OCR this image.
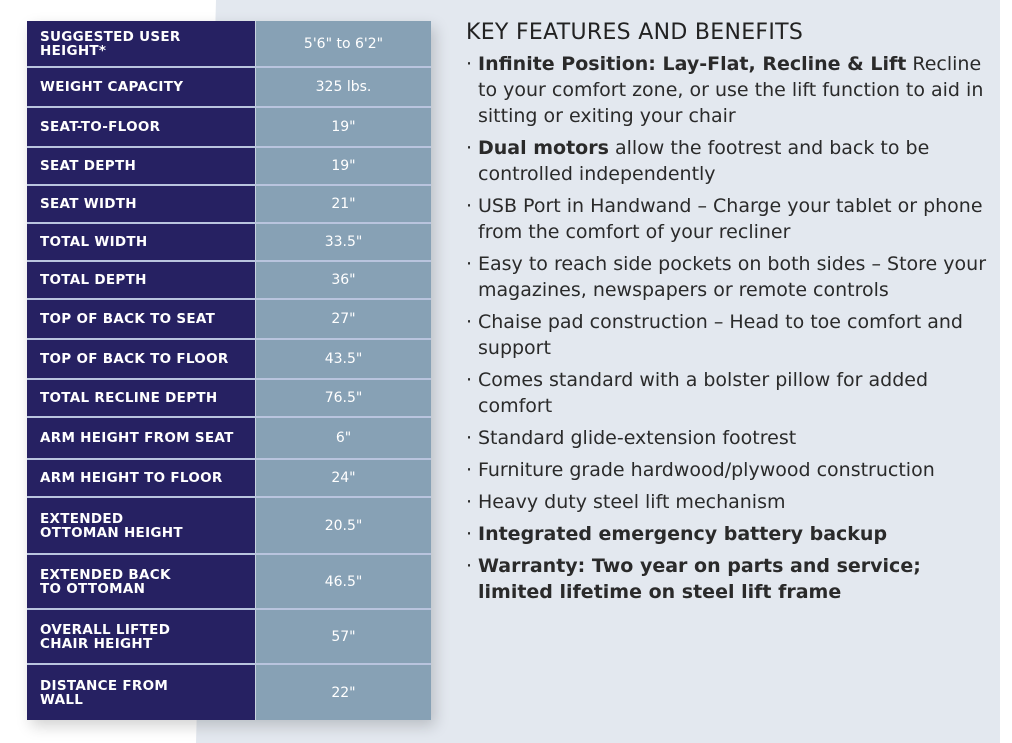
SUGGESTED USER HEIGHT*	5'6" to 6'2"
WEIGHT CAPACITY	325 lbs.
SEAT-TO-FLOOR	19"
SEAT DEPTH	19"
SEAT WIDTH	21"
TOTAL WIDTH	33.5"
TOTAL DEPTH	36"
TOP OF BACK TO SEAT	27"
TOP OF BACK TO FLOOR	43.5"
TOTAL RECLINE DEPTH	76.5"
ARM HEIGHT FROM SEAT	6"
ARM HEIGHT TO FLOOR	24"
EXTENDED OTTOMAN HEIGHT	20.5"
EXTENDED BACK TO OTTOMAN	46.5"
OVERALL LIFTED CHAIR HEIGHT	57"
DISTANCE FROM WALL	22"
KEY FEATURES AND BENEFITS
· Infinite Position: Lay-Flat, Recline & Lift Recline to your comfort zone, or use the lift function to aid in sitting or exiting your chair
· Dual motors allow the footrest and back to be controlled independently
· USB Port in Handwand – Charge your tablet or phone from the comfort of your recliner
· Easy to reach side pockets on both sides – Store your magazines, newspapers or remote controls
· Chaise pad construction – Head to toe comfort and support
· Comes standard with a bolster pillow for added comfort
· Standard glide-extension footrest
· Furniture grade hardwood/plywood construction
· Heavy duty steel lift mechanism
· Integrated emergency battery backup
· Warranty: Two year on parts and service; limited lifetime on steel lift frame
